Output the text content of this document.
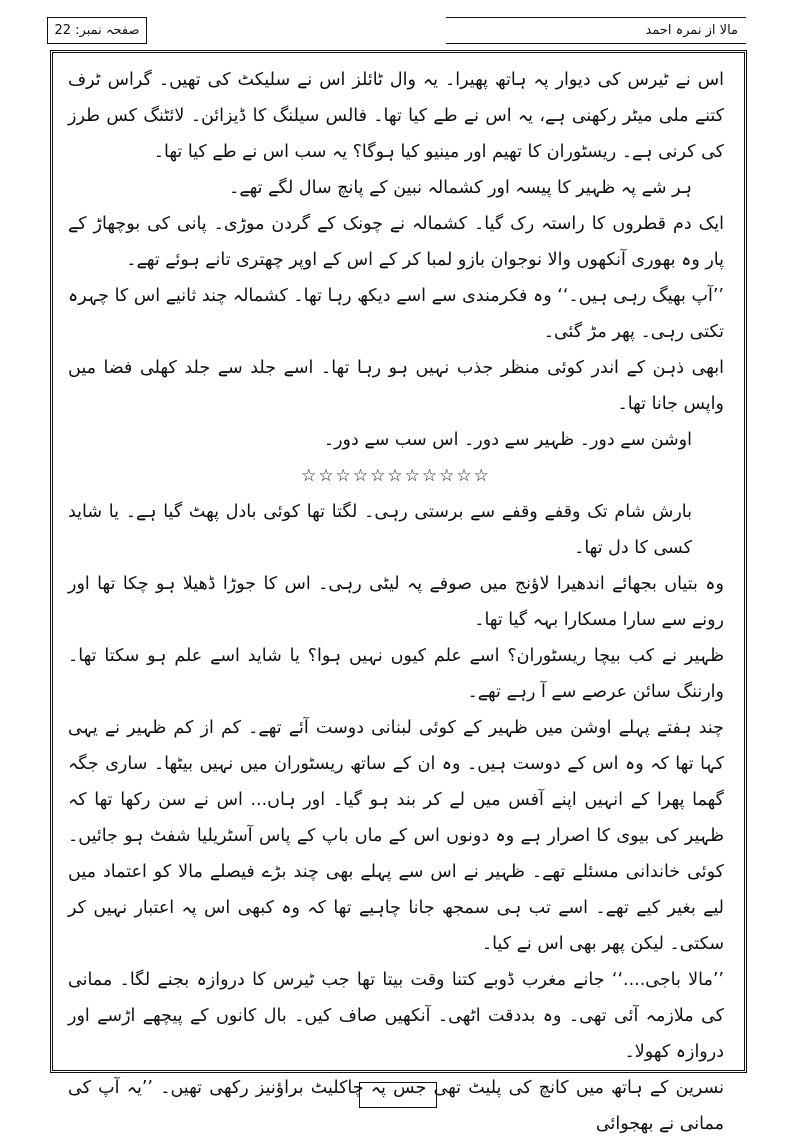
مالا از نمرہ احمد
صفحہ نمبر: 22

اس نے ٹیرس کی دیوار پہ ہاتھ پھیرا۔ یہ وال ٹائلز اس نے سلیکٹ کی تھیں۔ گراس ٹرف کتنے ملی میٹر رکھنی ہے، یہ اس نے طے کیا تھا۔ فالس سیلنگ کا ڈیزائن۔ لائٹنگ کس طرز کی کرنی ہے۔ ریسٹوران کا تھیم اور مینیو کیا ہوگا؟ یہ سب اس نے طے کیا تھا۔

ہر شے پہ ظہیر کا پیسہ اور کشمالہ نبین کے پانچ سال لگے تھے۔

ایک دم قطروں کا راستہ رک گیا۔ کشمالہ نے چونک کے گردن موڑی۔ پانی کی بوچھاڑ کے پار وہ بھوری آنکھوں والا نوجوان بازو لمبا کر کے اس کے اوپر چھتری تانے ہوئے تھے۔

’’آپ بھیگ رہی ہیں۔‘‘ وہ فکرمندی سے اسے دیکھ رہا تھا۔ کشمالہ چند ثانیے اس کا چہرہ تکتی رہی۔ پھر مڑ گئی۔

ابھی ذہن کے اندر کوئی منظر جذب نہیں ہو رہا تھا۔ اسے جلد سے جلد کھلی فضا میں واپس جانا تھا۔

اوشن سے دور۔ ظہیر سے دور۔ اس سب سے دور۔

☆☆☆☆☆☆☆☆☆☆☆

بارش شام تک وقفے وقفے سے برستی رہی۔ لگتا تھا کوئی بادل پھٹ گیا ہے۔ یا شاید کسی کا دل تھا۔

وہ بتیاں بجھائے اندھیرا لاؤنج میں صوفے پہ لیٹی رہی۔ اس کا جوڑا ڈھیلا ہو چکا تھا اور رونے سے سارا مسکارا بہہ گیا تھا۔

ظہیر نے کب بیچا ریسٹوران؟ اسے علم کیوں نہیں ہوا؟ یا شاید اسے علم ہو سکتا تھا۔ وارننگ سائن عرصے سے آ رہے تھے۔

چند ہفتے پہلے اوشن میں ظہیر کے کوئی لبنانی دوست آئے تھے۔ کم از کم ظہیر نے یہی کہا تھا کہ وہ اس کے دوست ہیں۔ وہ ان کے ساتھ ریسٹوران میں نہیں بیٹھا۔ ساری جگہ گھما پھرا کے انہیں اپنے آفس میں لے کر بند ہو گیا۔ اور ہاں... اس نے سن رکھا تھا کہ ظہیر کی بیوی کا اصرار ہے وہ دونوں اس کے ماں باپ کے پاس آسٹریلیا شفٹ ہو جائیں۔ کوئی خاندانی مسئلے تھے۔ ظہیر نے اس سے پہلے بھی چند بڑے فیصلے مالا کو اعتماد میں لیے بغیر کیے تھے۔ اسے تب ہی سمجھ جانا چاہیے تھا کہ وہ کبھی اس پہ اعتبار نہیں کر سکتی۔ لیکن پھر بھی اس نے کیا۔

’’مالا باجی....‘‘ جانے مغرب ڈوبے کتنا وقت بیتا تھا جب ٹیرس کا دروازہ بجنے لگا۔ ممانی کی ملازمہ آئی تھی۔ وہ بددقت اٹھی۔ آنکھیں صاف کیں۔ بال کانوں کے پیچھے اڑسے اور دروازہ کھولا۔

نسرین کے ہاتھ میں کانچ کی پلیٹ تھی جس پہ چاکلیٹ براؤنیز رکھی تھیں۔ ’’یہ آپ کی ممانی نے بھجوائی
